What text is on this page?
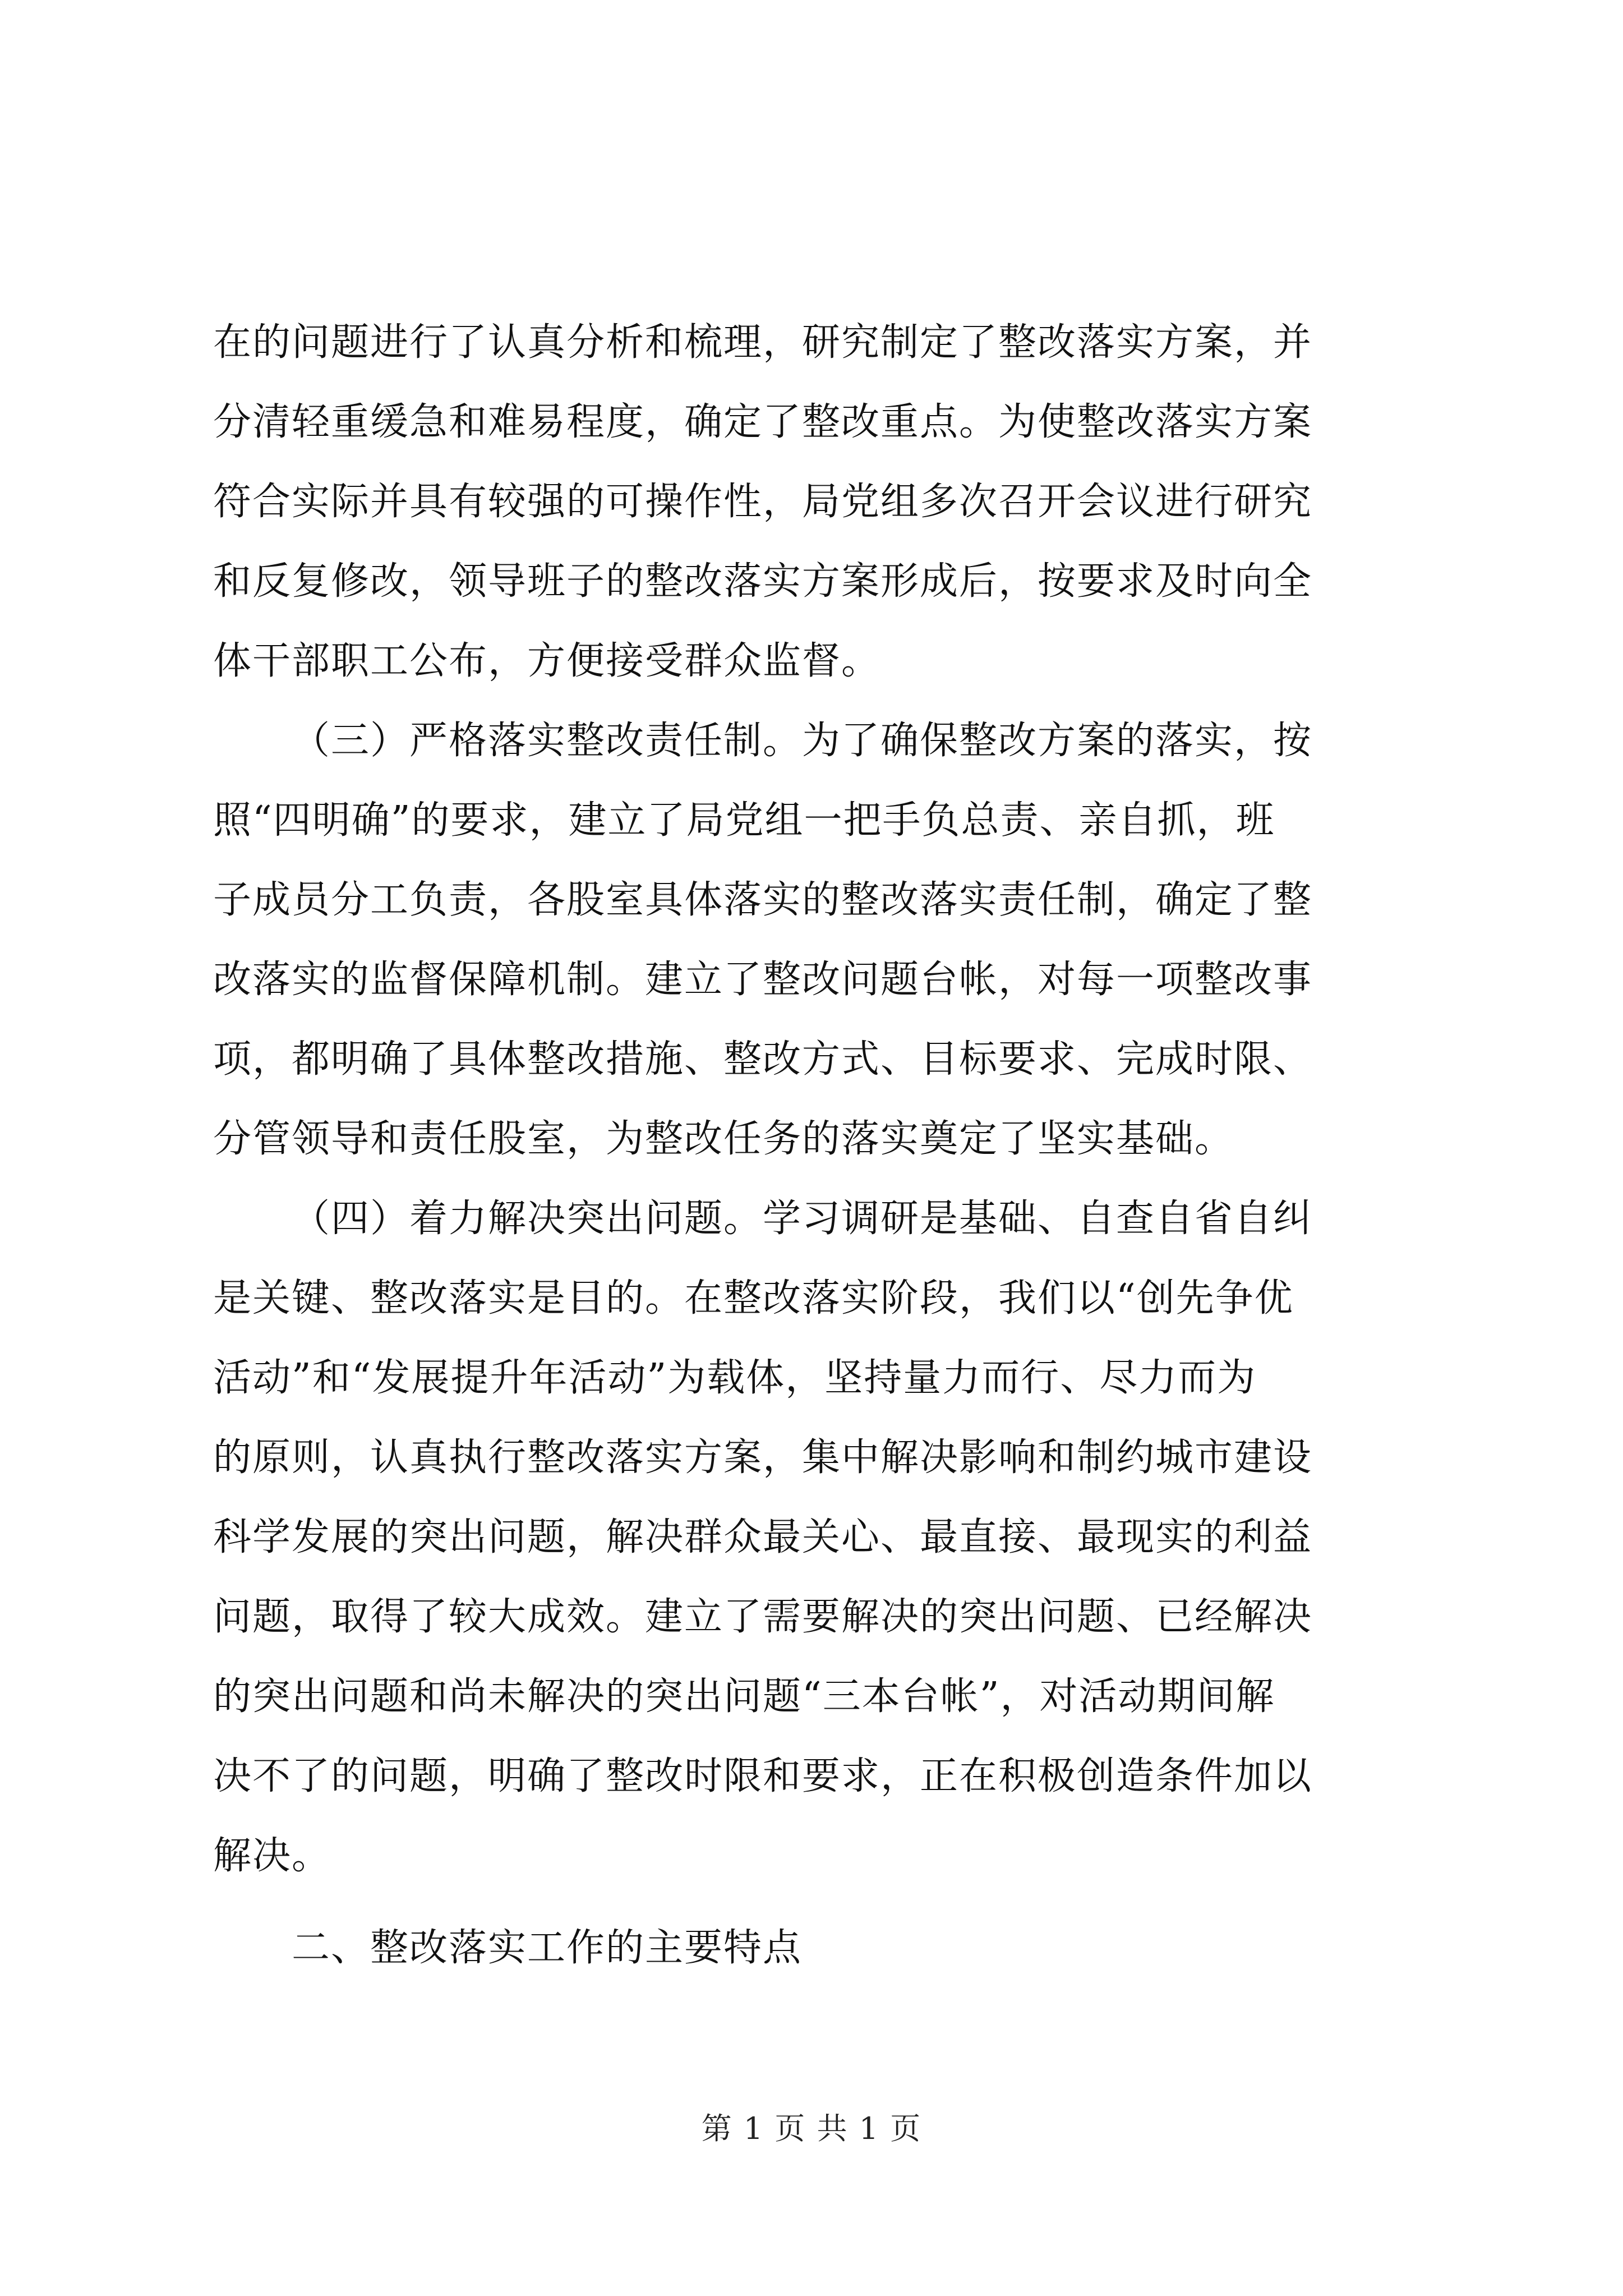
在的问题进行了认真分析和梳理，研究制定了整改落实方案，并
分清轻重缓急和难易程度，确定了整改重点。为使整改落实方案
符合实际并具有较强的可操作性，局党组多次召开会议进行研究
和反复修改，领导班子的整改落实方案形成后，按要求及时向全
体干部职工公布，方便接受群众监督。
（三）严格落实整改责任制。为了确保整改方案的落实，按
照“四明确”的要求，建立了局党组一把手负总责、亲自抓，班
子成员分工负责，各股室具体落实的整改落实责任制，确定了整
改落实的监督保障机制。建立了整改问题台帐，对每一项整改事
项，都明确了具体整改措施、整改方式、目标要求、完成时限、
分管领导和责任股室，为整改任务的落实奠定了坚实基础。
（四）着力解决突出问题。学习调研是基础、自查自省自纠
是关键、整改落实是目的。在整改落实阶段，我们以“创先争优
活动”和“发展提升年活动”为载体，坚持量力而行、尽力而为
的原则，认真执行整改落实方案，集中解决影响和制约城市建设
科学发展的突出问题，解决群众最关心、最直接、最现实的利益
问题，取得了较大成效。建立了需要解决的突出问题、已经解决
的突出问题和尚未解决的突出问题“三本台帐”，对活动期间解
决不了的问题，明确了整改时限和要求，正在积极创造条件加以
解决。
二、整改落实工作的主要特点
第 1 页 共 1 页
